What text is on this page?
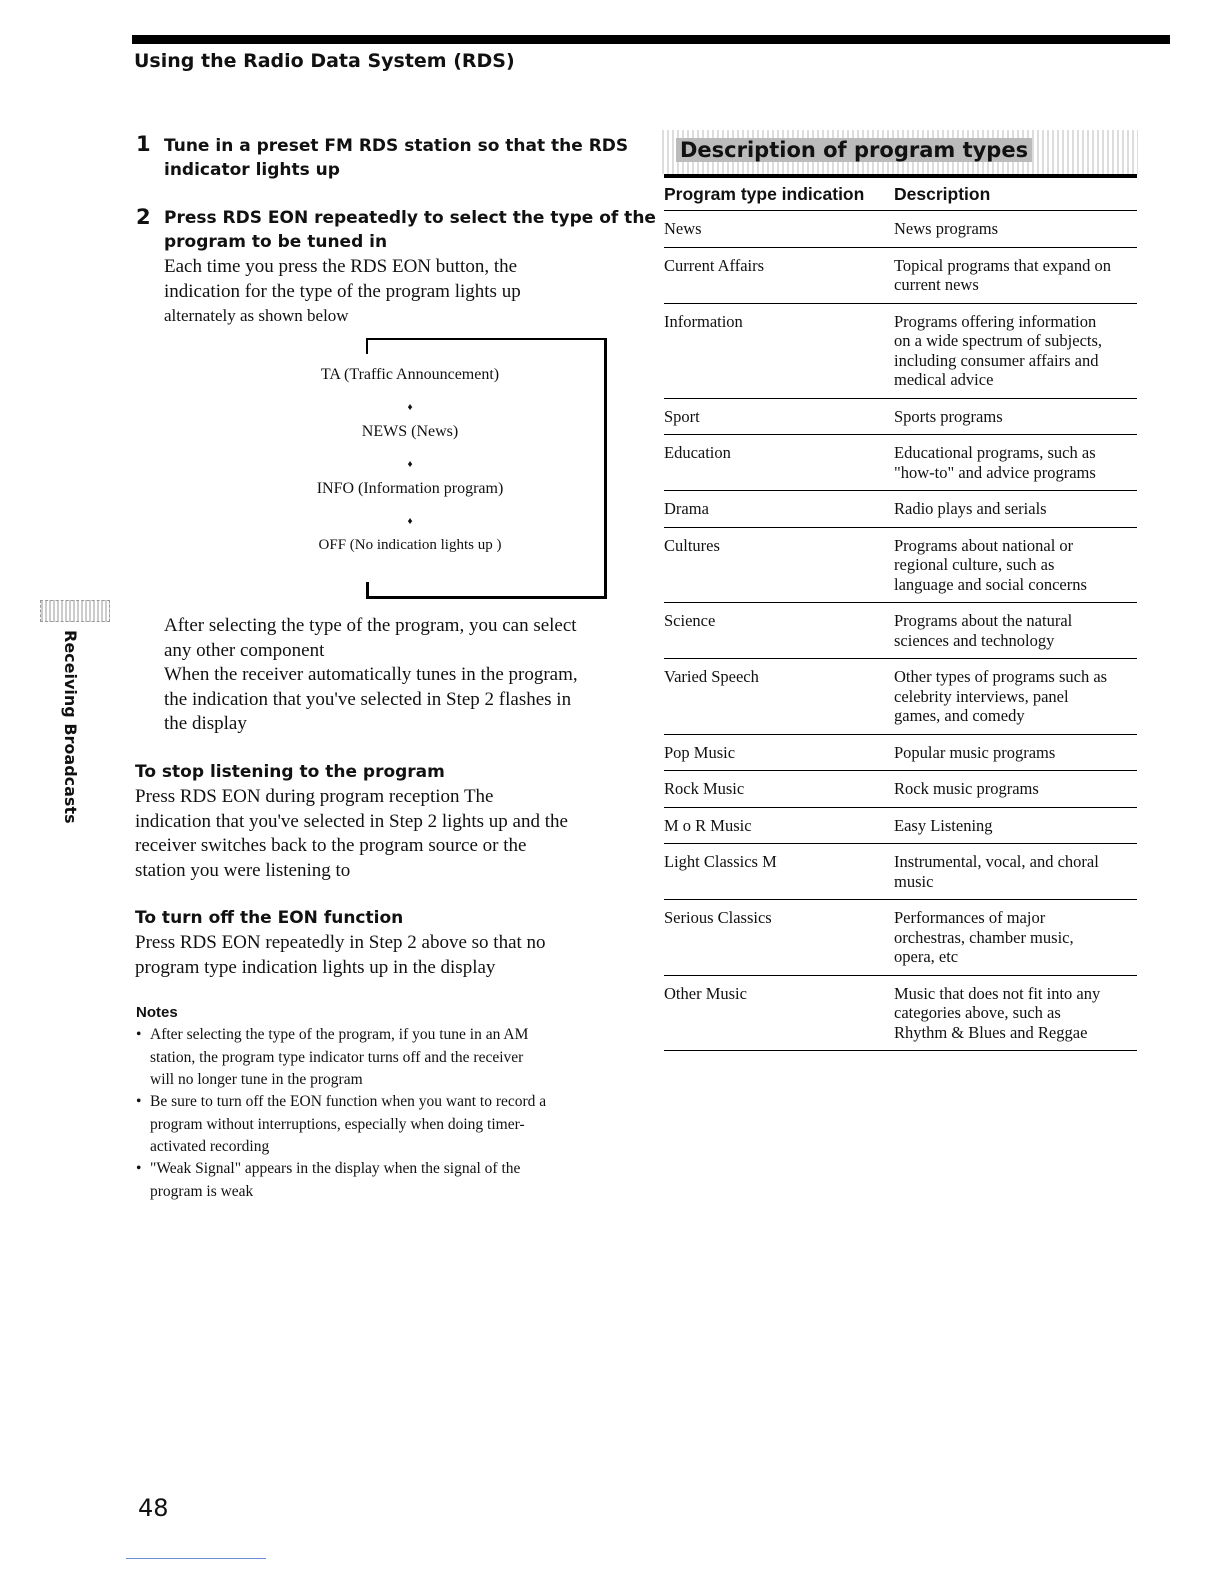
Using the Radio Data System (RDS)
1 Tune in a preset FM RDS station so that the RDS
indicator lights up
2 Press RDS EON repeatedly to select the type of the
program to be tuned in
Each time you press the RDS EON button, the
indication for the type of the program lights up
alternately as shown below
TA (Traffic Announcement)
♦
NEWS (News)
♦
INFO (Information program)
♦
OFF (No indication lights up )
After selecting the type of the program, you can select
any other component
When the receiver automatically tunes in the program,
the indication that you've selected in Step 2 flashes in
the display
To stop listening to the program
Press RDS EON during program reception The
indication that you've selected in Step 2 lights up and the
receiver switches back to the program source or the
station you were listening to
To turn off the EON function
Press RDS EON repeatedly in Step 2 above so that no
program type indication lights up in the display
Notes
• After selecting the type of the program, if you tune in an AM
station, the program type indicator turns off and the receiver
will no longer tune in the program
• Be sure to turn off the EON function when you want to record a
program without interruptions, especially when doing timer-
activated recording
• "Weak Signal" appears in the display when the signal of the
program is weak
Receiving Broadcasts
Description of program types
Program type indication Description
News	News programs
Current Affairs	Topical programs that expand on
current news
Information	Programs offering information
on a wide spectrum of subjects,
including consumer affairs and
medical advice
Sport	Sports programs
Education	Educational programs, such as
"how-to" and advice programs
Drama	Radio plays and serials
Cultures	Programs about national or
regional culture, such as
language and social concerns
Science	Programs about the natural
sciences and technology
Varied Speech	Other types of programs such as
celebrity interviews, panel
games, and comedy
Pop Music	Popular music programs
Rock Music	Rock music programs
M o R Music	Easy Listening
Light Classics M	Instrumental, vocal, and choral
music
Serious Classics	Performances of major
orchestras, chamber music,
opera, etc
Other Music	Music that does not fit into any
categories above, such as
Rhythm & Blues and Reggae
48
